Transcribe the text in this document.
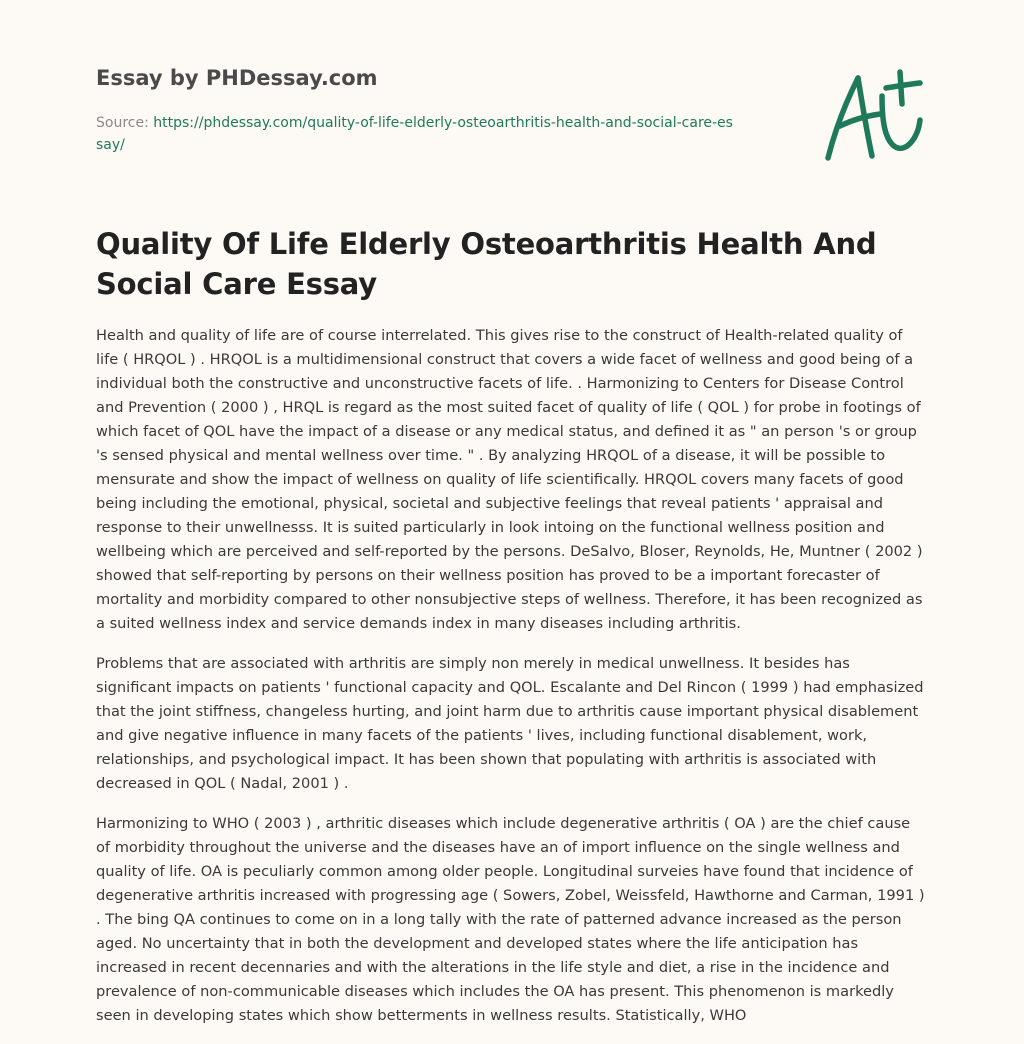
Essay by PHDessay.com
Source: https://phdessay.com/quality-of-life-elderly-osteoarthritis-health-and-social-care-essay/
Quality Of Life Elderly Osteoarthritis Health And Social Care Essay

Health and quality of life are of course interrelated. This gives rise to the construct of Health-related quality of life ( HRQOL ) . HRQOL is a multidimensional construct that covers a wide facet of wellness and good being of a individual both the constructive and unconstructive facets of life. . Harmonizing to Centers for Disease Control and Prevention ( 2000 ) , HRQL is regard as the most suited facet of quality of life ( QOL ) for probe in footings of which facet of QOL have the impact of a disease or any medical status, and defined it as " an person 's or group 's sensed physical and mental wellness over time. " . By analyzing HRQOL of a disease, it will be possible to mensurate and show the impact of wellness on quality of life scientifically. HRQOL covers many facets of good being including the emotional, physical, societal and subjective feelings that reveal patients ' appraisal and response to their unwellnesss. It is suited particularly in look intoing on the functional wellness position and wellbeing which are perceived and self-reported by the persons. DeSalvo, Bloser, Reynolds, He, Muntner ( 2002 ) showed that self-reporting by persons on their wellness position has proved to be a important forecaster of mortality and morbidity compared to other nonsubjective steps of wellness. Therefore, it has been recognized as a suited wellness index and service demands index in many diseases including arthritis.

Problems that are associated with arthritis are simply non merely in medical unwellness. It besides has significant impacts on patients ' functional capacity and QOL. Escalante and Del Rincon ( 1999 ) had emphasized that the joint stiffness, changeless hurting, and joint harm due to arthritis cause important physical disablement and give negative influence in many facets of the patients ' lives, including functional disablement, work, relationships, and psychological impact. It has been shown that populating with arthritis is associated with decreased in QOL ( Nadal, 2001 ) .

Harmonizing to WHO ( 2003 ) , arthritic diseases which include degenerative arthritis ( OA ) are the chief cause of morbidity throughout the universe and the diseases have an of import influence on the single wellness and quality of life. OA is peculiarly common among older people. Longitudinal surveies have found that incidence of degenerative arthritis increased with progressing age ( Sowers, Zobel, Weissfeld, Hawthorne and Carman, 1991 ) . The bing QA continues to come on in a long tally with the rate of patterned advance increased as the person aged. No uncertainty that in both the development and developed states where the life anticipation has increased in recent decennaries and with the alterations in the life style and diet, a rise in the incidence and prevalence of non-communicable diseases which includes the OA has present. This phenomenon is markedly seen in developing states which show betterments in wellness results. Statistically, WHO
